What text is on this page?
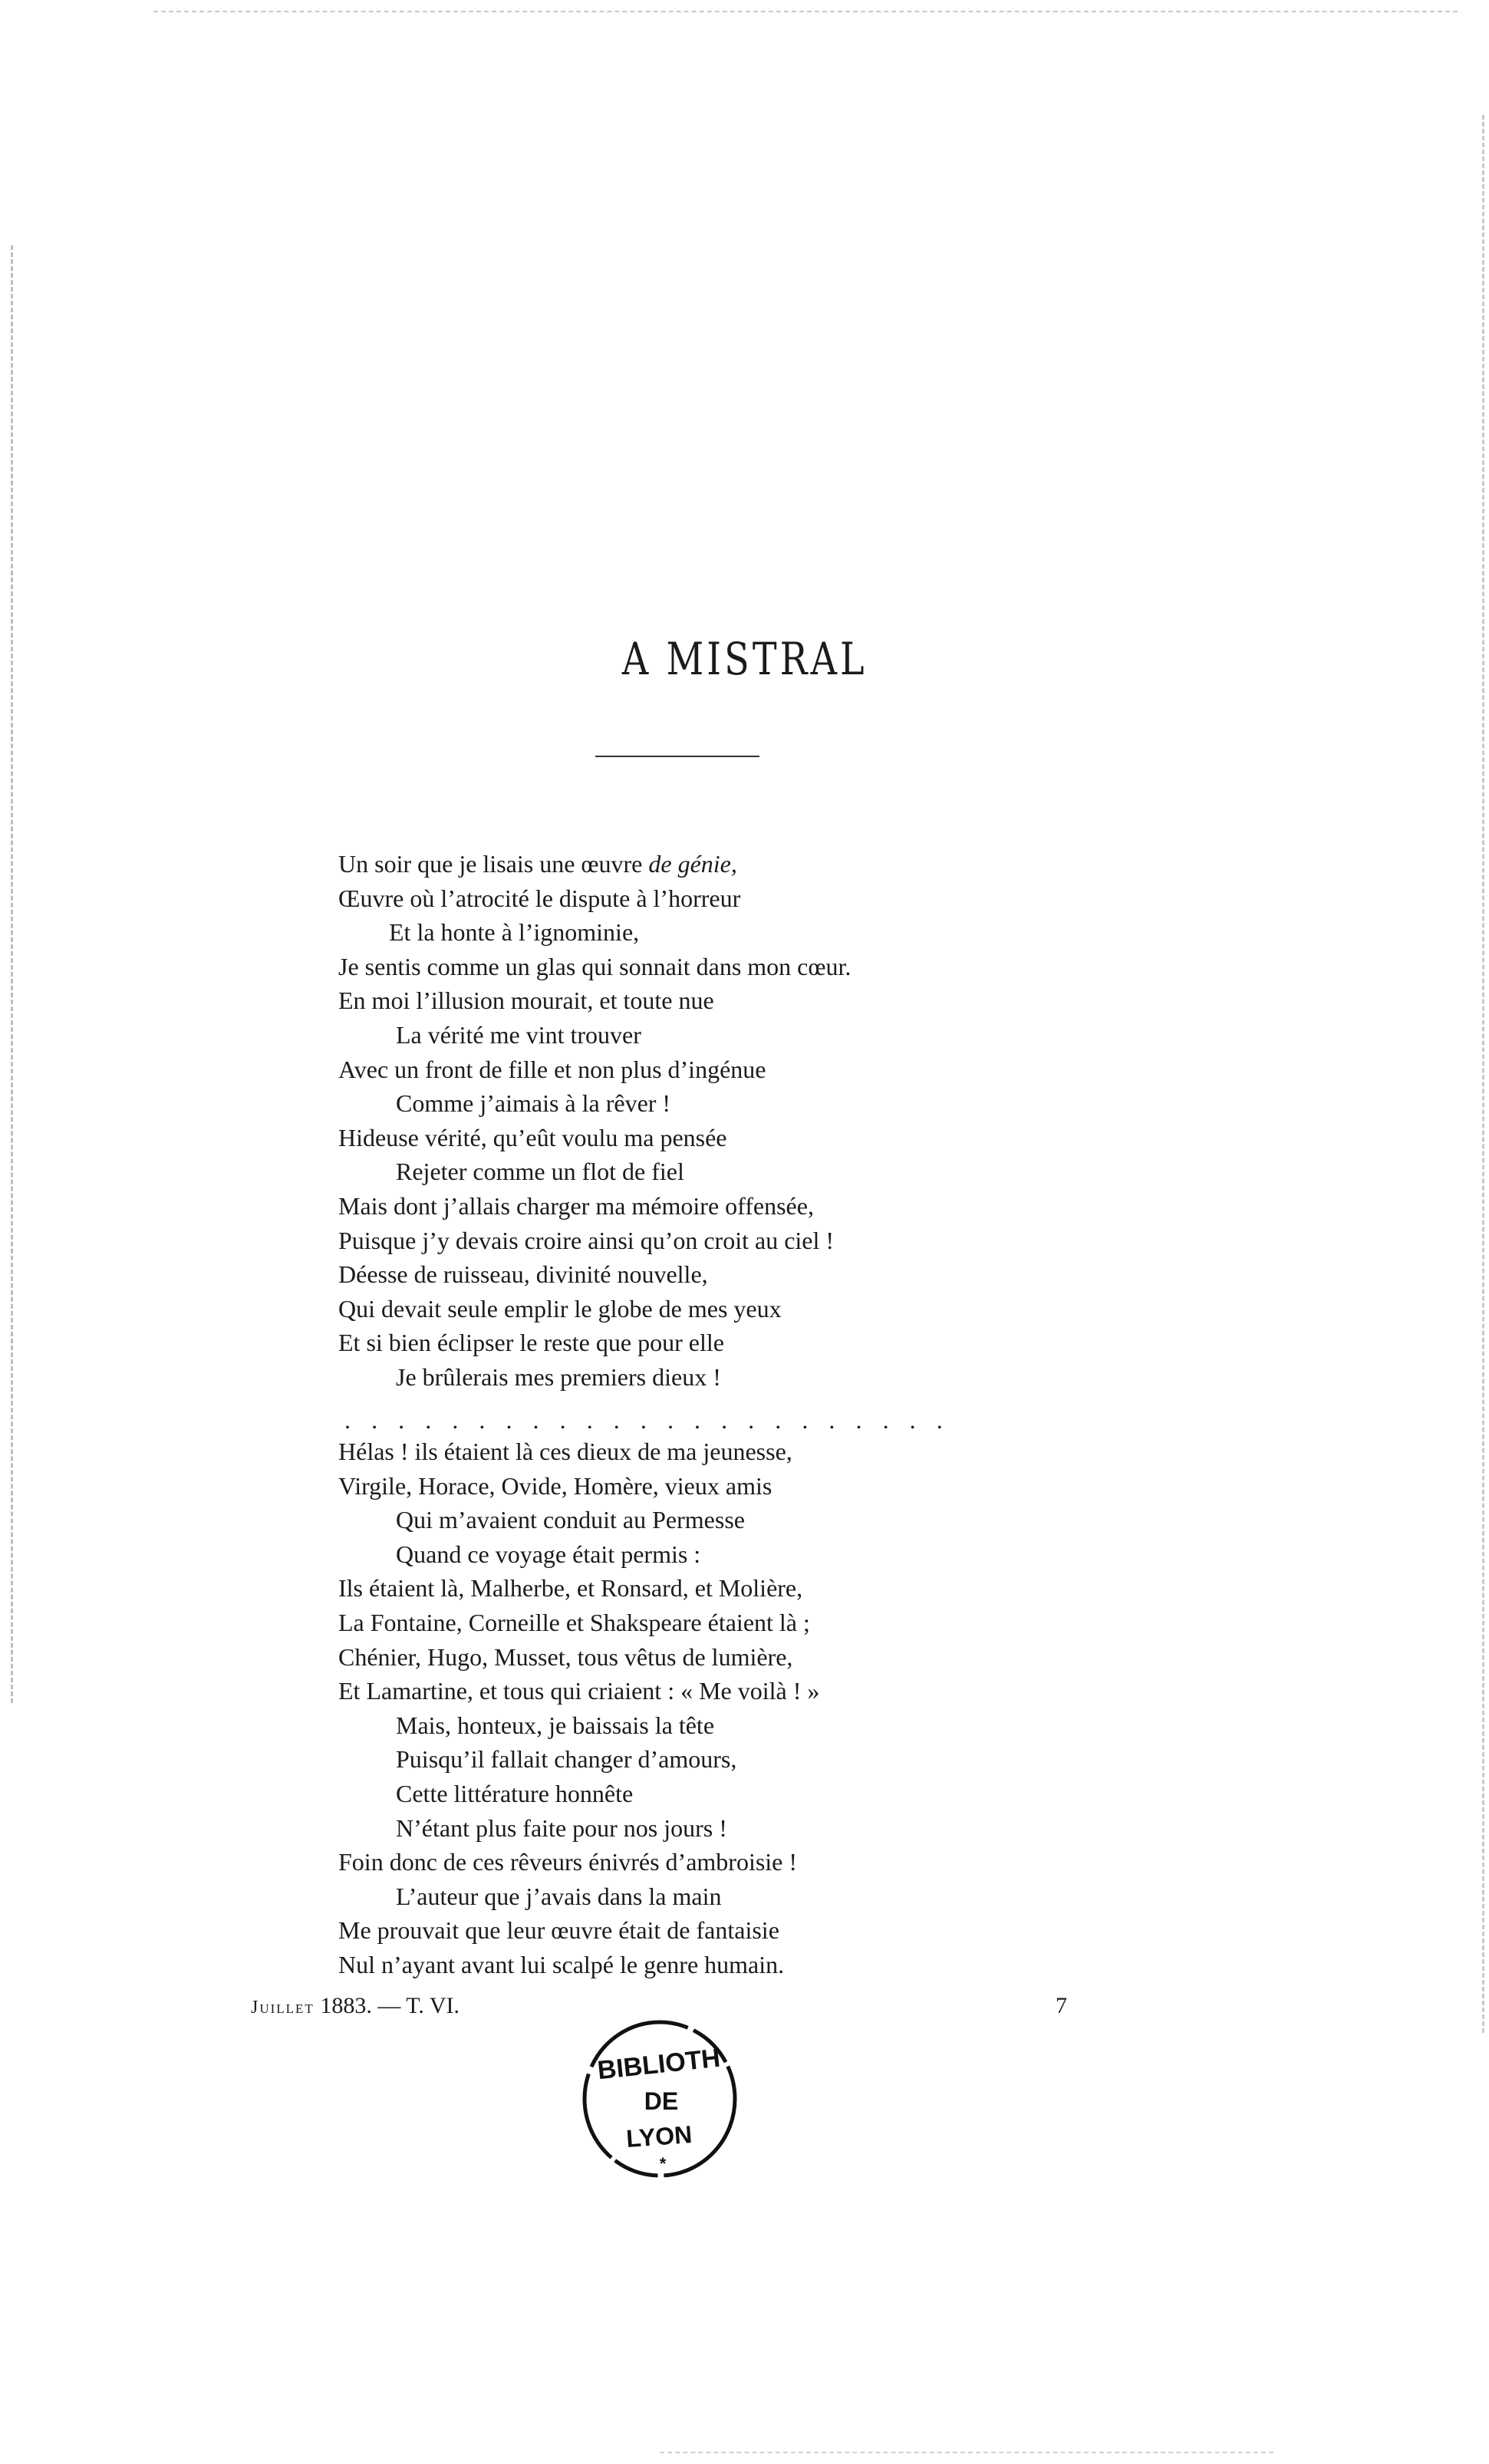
A MISTRAL
Un soir que je lisais une œuvre de génie,
Œuvre où l’atrocité le dispute à l’horreur
Et la honte à l’ignominie,
Je sentis comme un glas qui sonnait dans mon cœur.
En moi l’illusion mourait, et toute nue
La vérité me vint trouver
Avec un front de fille et non plus d’ingénue
Comme j’aimais à la rêver !
Hideuse vérité, qu’eût voulu ma pensée
Rejeter comme un flot de fiel
Mais dont j’allais charger ma mémoire offensée,
Puisque j’y devais croire ainsi qu’on croit au ciel !
Déesse de ruisseau, divinité nouvelle,
Qui devait seule emplir le globe de mes yeux
Et si bien éclipser le reste que pour elle
Je brûlerais mes premiers dieux !
. . . . . . . . . . . . . . . . . . . . . . .
Hélas ! ils étaient là ces dieux de ma jeunesse,
Virgile, Horace, Ovide, Homère, vieux amis
Qui m’avaient conduit au Permesse
Quand ce voyage était permis :
Ils étaient là, Malherbe, et Ronsard, et Molière,
La Fontaine, Corneille et Shakspeare étaient là ;
Chénier, Hugo, Musset, tous vêtus de lumière,
Et Lamartine, et tous qui criaient : « Me voilà ! »
Mais, honteux, je baissais la tête
Puisqu’il fallait changer d’amours,
Cette littérature honnête
N’étant plus faite pour nos jours !
Foin donc de ces rêveurs énivrés d’ambroisie !
L’auteur que j’avais dans la main
Me prouvait que leur œuvre était de fantaisie
Nul n’ayant avant lui scalpé le genre humain.
Juillet 1883. — T. VI.	7
BIBLIOTH
DE
LYON
*
